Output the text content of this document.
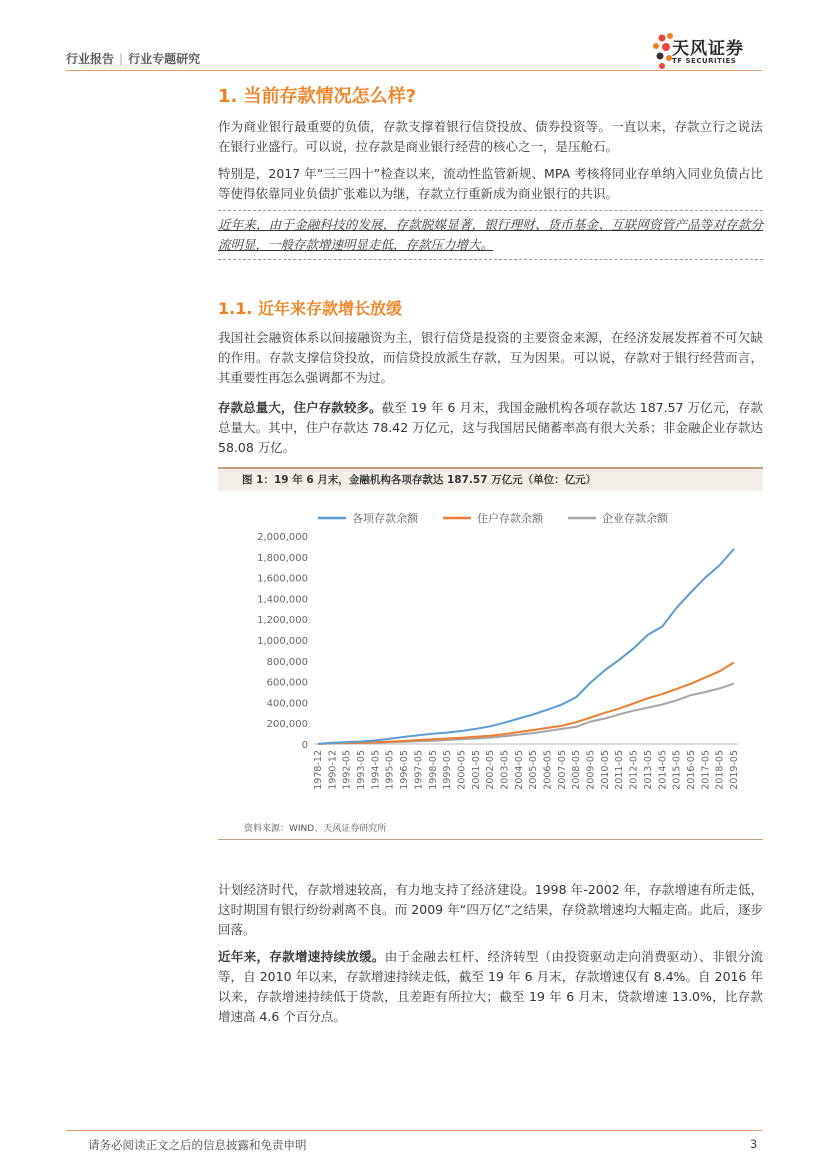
行业报告 | 行业专题研究	天风证券
TF SECURITIES
1. 当前存款情况怎么样?
作为商业银行最重要的负债，存款支撑着银行信贷投放、债券投资等。一直以来，存款立行之说法在银行业盛行。可以说，拉存款是商业银行经营的核心之一，是压舱石。
特别是，2017 年“三三四十”检查以来，流动性监管新规、MPA 考核将同业存单纳入同业负债占比等使得依靠同业负债扩张难以为继，存款立行重新成为商业银行的共识。
近年来，由于金融科技的发展，存款脱媒显著，银行理财、货币基金、互联网资管产品等对存款分流明显，一般存款增速明显走低，存款压力增大。
1.1. 近年来存款增长放缓
我国社会融资体系以间接融资为主，银行信贷是投资的主要资金来源，在经济发展发挥着不可欠缺的作用。存款支撑信贷投放，而信贷投放派生存款，互为因果。可以说，存款对于银行经营而言，其重要性再怎么强调都不为过。
存款总量大，住户存款较多。截至 19 年 6 月末，我国金融机构各项存款达 187.57 万亿元，存款总量大。其中，住户存款达 78.42 万亿元，这与我国居民储蓄率高有很大关系；非金融企业存款达 58.08 万亿。
图 1：19 年 6 月末，金融机构各项存款达 187.57 万亿元（单位：亿元）
各项存款余额	住户存款余额	企业存款余额
0
200,000
400,000
600,000
800,000
1,000,000
1,200,000
1,400,000
1,600,000
1,800,000
2,000,000
1978-12 1990-12 1992-05 1993-05 1994-05 1995-05 1996-05 1997-05 1998-05 1999-05 2000-05 2001-05 2002-05 2003-05 2004-05 2005-05 2006-05 2007-05 2008-05 2009-05 2010-05 2011-05 2012-05 2013-05 2014-05 2015-05 2016-05 2017-05 2018-05 2019-05
资料来源：WIND、天风证券研究所
计划经济时代，存款增速较高，有力地支持了经济建设。1998 年-2002 年，存款增速有所走低，这时期国有银行纷纷剥离不良。而 2009 年“四万亿”之结果，存贷款增速均大幅走高。此后，逐步回落。
近年来，存款增速持续放缓。由于金融去杠杆、经济转型（由投资驱动走向消费驱动）、非银分流等，自 2010 年以来，存款增速持续走低，截至 19 年 6 月末，存款增速仅有 8.4%。自 2016 年以来，存款增速持续低于贷款，且差距有所拉大；截至 19 年 6 月末，贷款增速 13.0%，比存款增速高 4.6 个百分点。
请务必阅读正文之后的信息披露和免责申明	3
